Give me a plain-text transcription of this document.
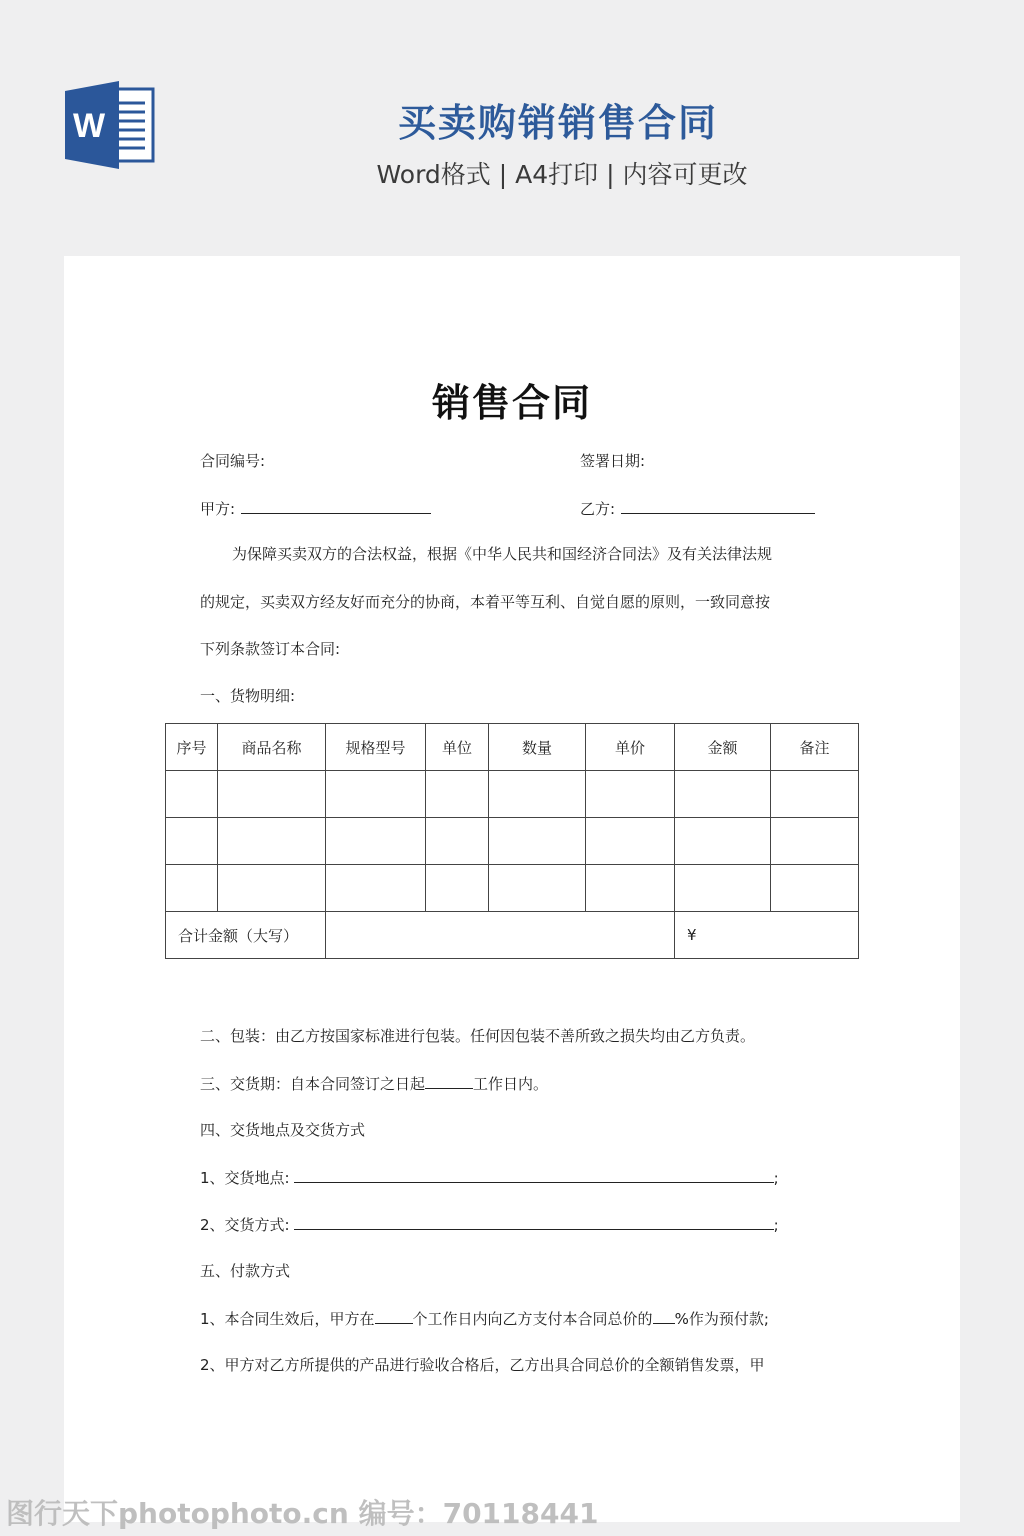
W	买卖购销销售合同
Word格式 | A4打印 | 内容可更改
销售合同
合同编号:	签署日期:
甲方:	乙方:
为保障买卖双方的合法权益，根据《中华人民共和国经济合同法》及有关法律法规
的规定，买卖双方经友好而充分的协商，本着平等互利、自觉自愿的原则，一致同意按
下列条款签订本合同:
一、货物明细:
序号	商品名称	规格型号	单位	数量	单价	金额	备注

合计金额（大写）						¥	
二、包装：由乙方按国家标准进行包装。任何因包装不善所致之损失均由乙方负责。
三、交货期：自本合同签订之日起	工作日内。
四、交货地点及交货方式
1、交货地点:	;
2、交货方式:	;
五、付款方式
1、本合同生效后，甲方在	个工作日内向乙方支付本合同总价的 %作为预付款;
2、甲方对乙方所提供的产品进行验收合格后，乙方出具合同总价的全额销售发票，甲
图行天下photophoto.cn 编号：70118441
